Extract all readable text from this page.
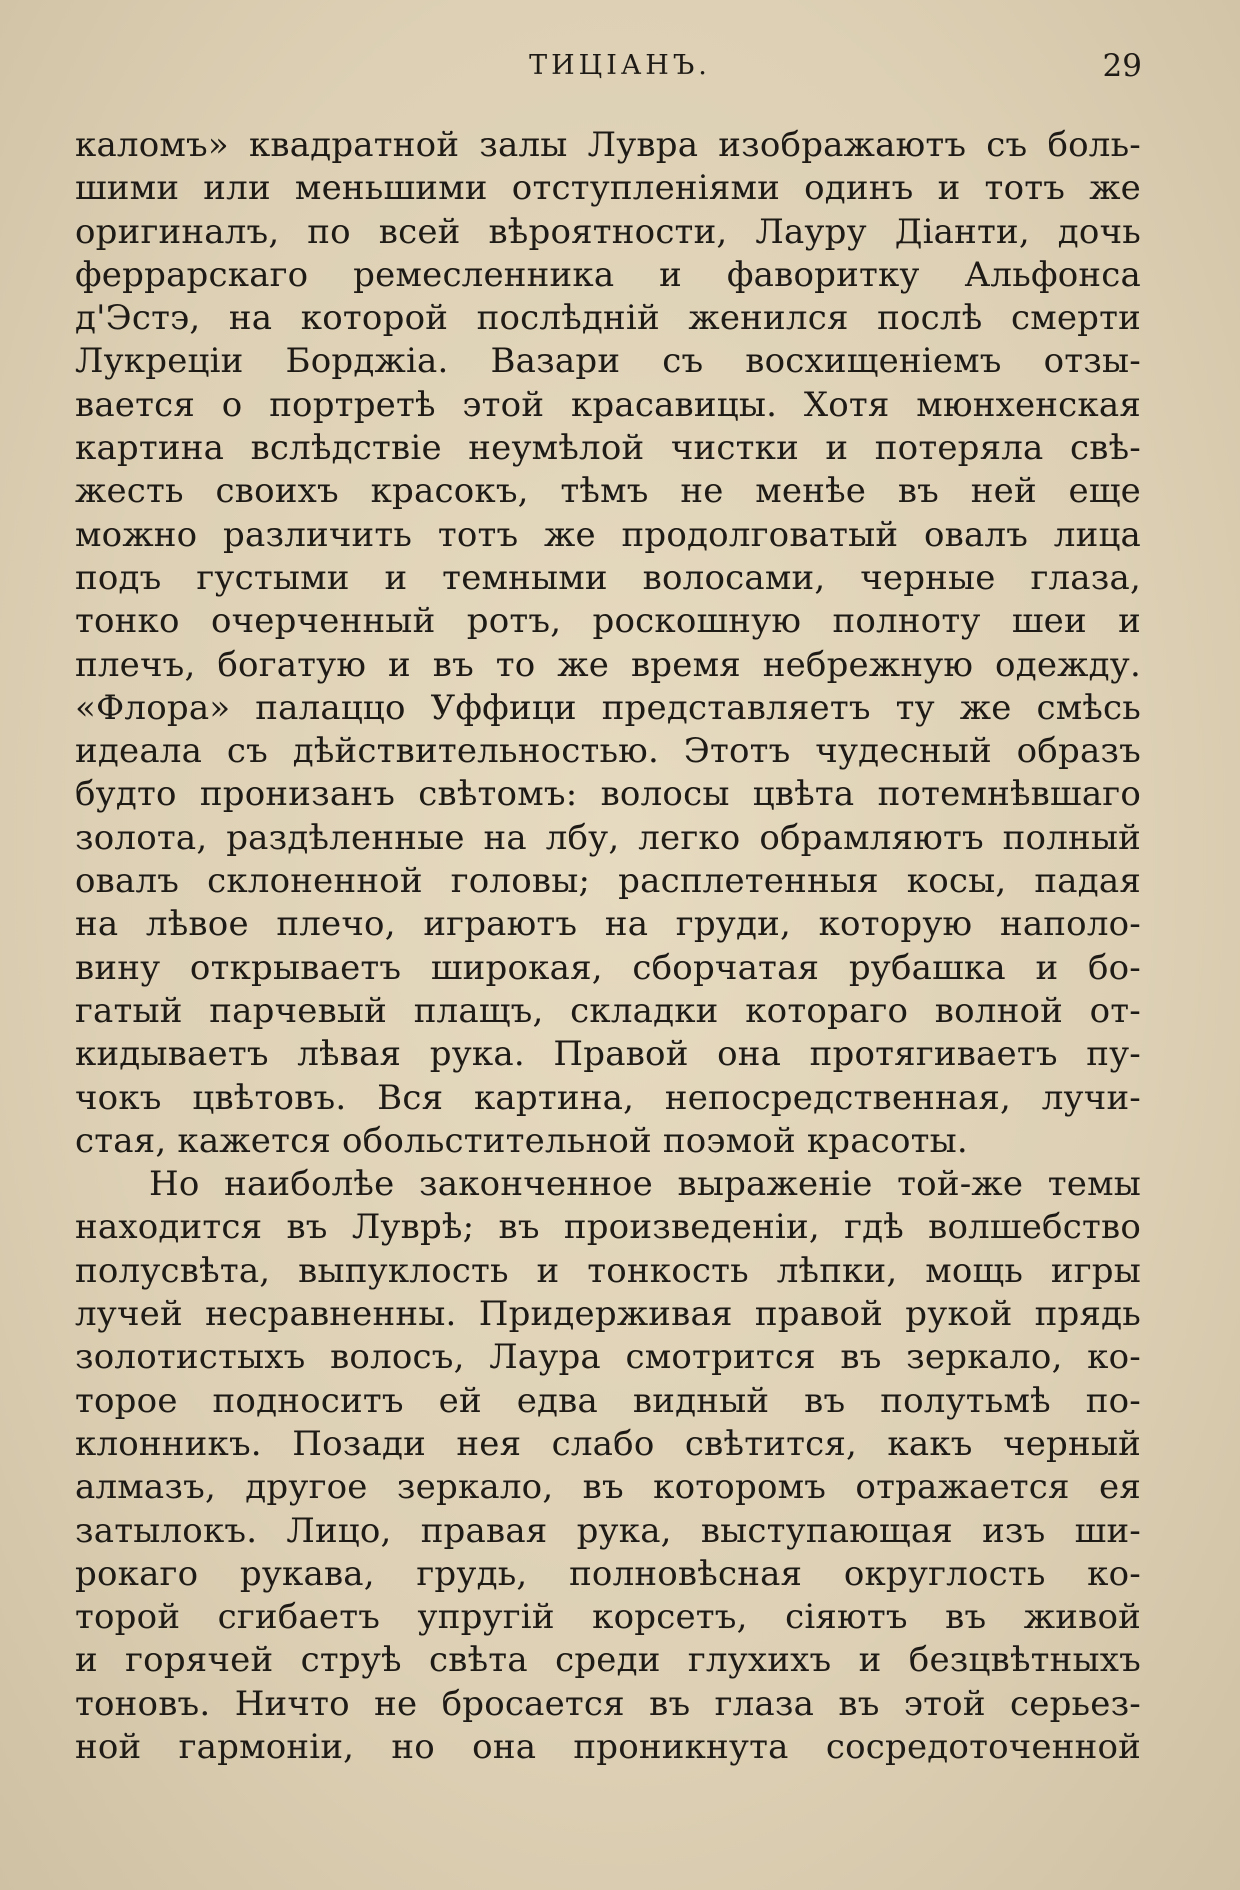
ТИЦІАНЪ.	29
каломъ» квадратной залы Лувра изображаютъ съ боль-
шими или меньшими отступленіями одинъ и тотъ же
оригиналъ, по всей вѣроятности, Лауру Діанти, дочь
феррарскаго ремесленника и фаворитку Альфонса
д'Эстэ, на которой послѣдній женился послѣ смерти
Лукреціи Борджіа. Вазари съ восхищеніемъ отзы-
вается о портретѣ этой красавицы. Хотя мюнхенская
картина вслѣдствіе неумѣлой чистки и потеряла свѣ-
жесть своихъ красокъ, тѣмъ не менѣе въ ней еще
можно различить тотъ же продолговатый овалъ лица
подъ густыми и темными волосами, черные глаза,
тонко очерченный ротъ, роскошную полноту шеи и
плечъ, богатую и въ то же время небрежную одежду.
«Флора» палаццо Уффици представляетъ ту же смѣсь
идеала съ дѣйствительностью. Этотъ чудесный образъ
будто пронизанъ свѣтомъ: волосы цвѣта потемнѣвшаго
золота, раздѣленные на лбу, легко обрамляютъ полный
овалъ склоненной головы; расплетенныя косы, падая
на лѣвое плечо, играютъ на груди, которую наполо-
вину открываетъ широкая, сборчатая рубашка и бо-
гатый парчевый плащъ, складки котораго волной от-
кидываетъ лѣвая рука. Правой она протягиваетъ пу-
чокъ цвѣтовъ. Вся картина, непосредственная, лучи-
стая, кажется обольстительной поэмой красоты.
Но наиболѣе законченное выраженіе той-же темы
находится въ Луврѣ; въ произведеніи, гдѣ волшебство
полусвѣта, выпуклость и тонкость лѣпки, мощь игры
лучей несравненны. Придерживая правой рукой прядь
золотистыхъ волосъ, Лаура смотрится въ зеркало, ко-
торое подноситъ ей едва видный въ полутьмѣ по-
клонникъ. Позади нея слабо свѣтится, какъ черный
алмазъ, другое зеркало, въ которомъ отражается ея
затылокъ. Лицо, правая рука, выступающая изъ ши-
рокаго рукава, грудь, полновѣсная округлость ко-
торой сгибаетъ упругій корсетъ, сіяютъ въ живой
и горячей струѣ свѣта среди глухихъ и безцвѣтныхъ
тоновъ. Ничто не бросается въ глаза въ этой серьез-
ной гармоніи, но она проникнута сосредоточенной
